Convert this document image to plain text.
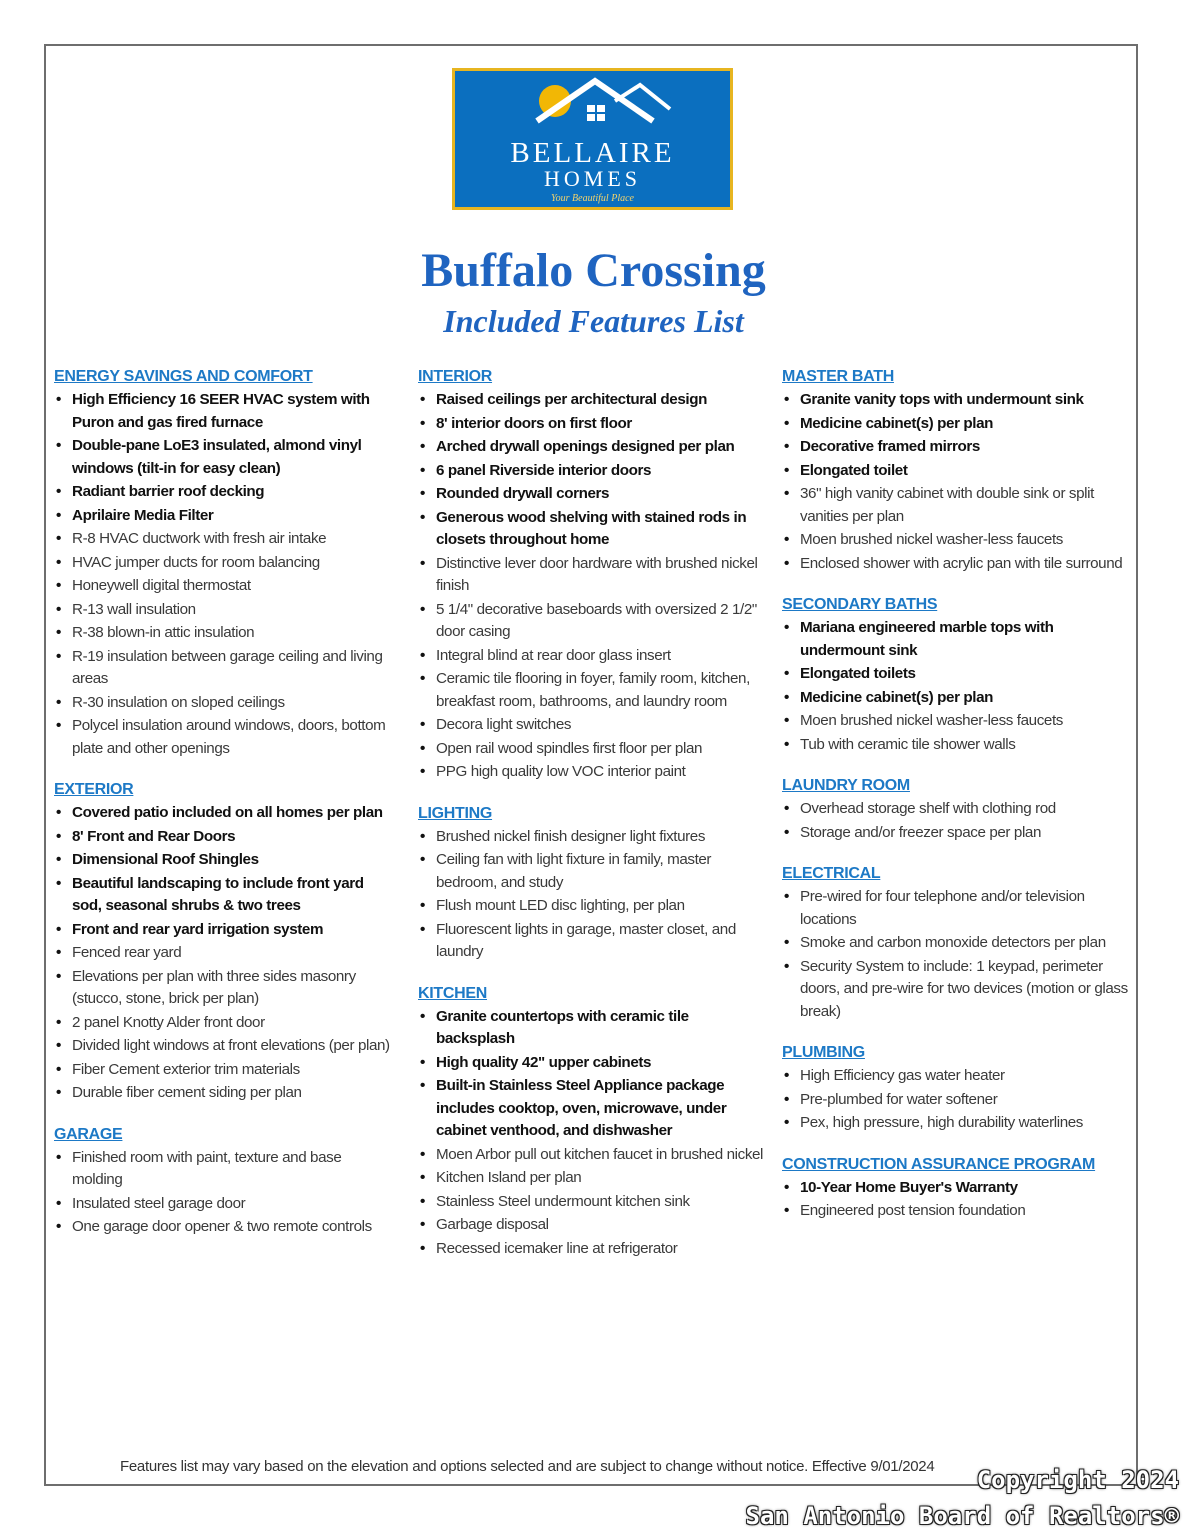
BELLAIRE
HOMES
Your Beautiful Place
Buffalo Crossing
Included Features List
ENERGY SAVINGS AND COMFORT
• High Efficiency 16 SEER HVAC system with Puron and gas fired furnace
• Double-pane LoE3 insulated, almond vinyl windows (tilt-in for easy clean)
• Radiant barrier roof decking
• Aprilaire Media Filter
• R-8 HVAC ductwork with fresh air intake
• HVAC jumper ducts for room balancing
• Honeywell digital thermostat
• R-13 wall insulation
• R-38 blown-in attic insulation
• R-19 insulation between garage ceiling and living areas
• R-30 insulation on sloped ceilings
• Polycel insulation around windows, doors, bottom plate and other openings
EXTERIOR
• Covered patio included on all homes per plan
• 8' Front and Rear Doors
• Dimensional Roof Shingles
• Beautiful landscaping to include front yard sod, seasonal shrubs & two trees
• Front and rear yard irrigation system
• Fenced rear yard
• Elevations per plan with three sides masonry (stucco, stone, brick per plan)
• 2 panel Knotty Alder front door
• Divided light windows at front elevations (per plan)
• Fiber Cement exterior trim materials
• Durable fiber cement siding per plan
GARAGE
• Finished room with paint, texture and base molding
• Insulated steel garage door
• One garage door opener & two remote controls
INTERIOR
• Raised ceilings per architectural design
• 8' interior doors on first floor
• Arched drywall openings designed per plan
• 6 panel Riverside interior doors
• Rounded drywall corners
• Generous wood shelving with stained rods in closets throughout home
• Distinctive lever door hardware with brushed nickel finish
• 5 1/4" decorative baseboards with oversized 2 1/2" door casing
• Integral blind at rear door glass insert
• Ceramic tile flooring in foyer, family room, kitchen, breakfast room, bathrooms, and laundry room
• Decora light switches
• Open rail wood spindles first floor per plan
• PPG high quality low VOC interior paint
LIGHTING
• Brushed nickel finish designer light fixtures
• Ceiling fan with light fixture in family, master bedroom, and study
• Flush mount LED disc lighting, per plan
• Fluorescent lights in garage, master closet, and laundry
KITCHEN
• Granite countertops with ceramic tile backsplash
• High quality 42" upper cabinets
• Built-in Stainless Steel Appliance package includes cooktop, oven, microwave, under cabinet venthood, and dishwasher
• Moen Arbor pull out kitchen faucet in brushed nickel
• Kitchen Island per plan
• Stainless Steel undermount kitchen sink
• Garbage disposal
• Recessed icemaker line at refrigerator
MASTER BATH
• Granite vanity tops with undermount sink
• Medicine cabinet(s) per plan
• Decorative framed mirrors
• Elongated toilet
• 36" high vanity cabinet with double sink or split vanities per plan
• Moen brushed nickel washer-less faucets
• Enclosed shower with acrylic pan with tile surround
SECONDARY BATHS
• Mariana engineered marble tops with undermount sink
• Elongated toilets
• Medicine cabinet(s) per plan
• Moen brushed nickel washer-less faucets
• Tub with ceramic tile shower walls
LAUNDRY ROOM
• Overhead storage shelf with clothing rod
• Storage and/or freezer space per plan
ELECTRICAL
• Pre-wired for four telephone and/or television locations
• Smoke and carbon monoxide detectors per plan
• Security System to include: 1 keypad, perimeter doors, and pre-wire for two devices (motion or glass break)
PLUMBING
• High Efficiency gas water heater
• Pre-plumbed for water softener
• Pex, high pressure, high durability waterlines
CONSTRUCTION ASSURANCE PROGRAM
• 10-Year Home Buyer's Warranty
• Engineered post tension foundation
Features list may vary based on the elevation and options selected and are subject to change without notice. Effective 9/01/2024 Copyright 2024
San Antonio Board of Realtors®
